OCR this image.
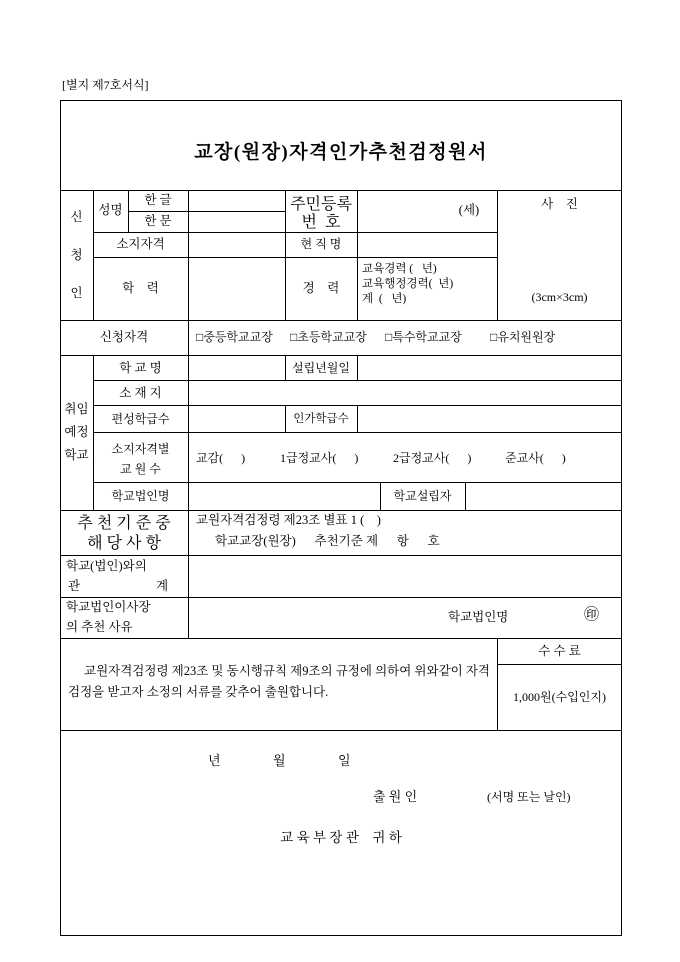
[별지 제7호서식]
교장(원장)자격인가추천검정원서
신청인
성명
한 글
한 문
주민등록
번  호
(세)	사    진
(3cm×3cm)
소지자격	현 직 명
학    력	경    력
교육경력 (   년)
교육행정경력(  년)
계  (   년)
신청자격	□중등학교교장 □초등학교교장 □특수학교교장 □유치원원장
취임예정학교
학 교 명	설립년월일
소 재 지
편성학급수	인가학급수
소지자격별
교 원 수
교감(      )	1급정교사(      )	2급정교사(      )	준교사(      )
학교법인명	학교설립자
추 천 기 준 중
해 당 사 항
교원자격검정령 제23조 별표 1 (    )
학교교장(원장)      추천기준 제      항      호
학교(법인)와의
관	계
학교법인이사장
의 추천 사유
학교법인명	㊞
교원자격검정령 제23조 및 동시행규칙 제9조의 규정에 의하여 위와같이 자격검정을 받고자 소정의 서류를 갖추어 출원합니다.
수 수 료
1,000원(수입인지)
년	월	일
출 원 인	(서명 또는 날인)
교 육 부 장 관    귀 하
